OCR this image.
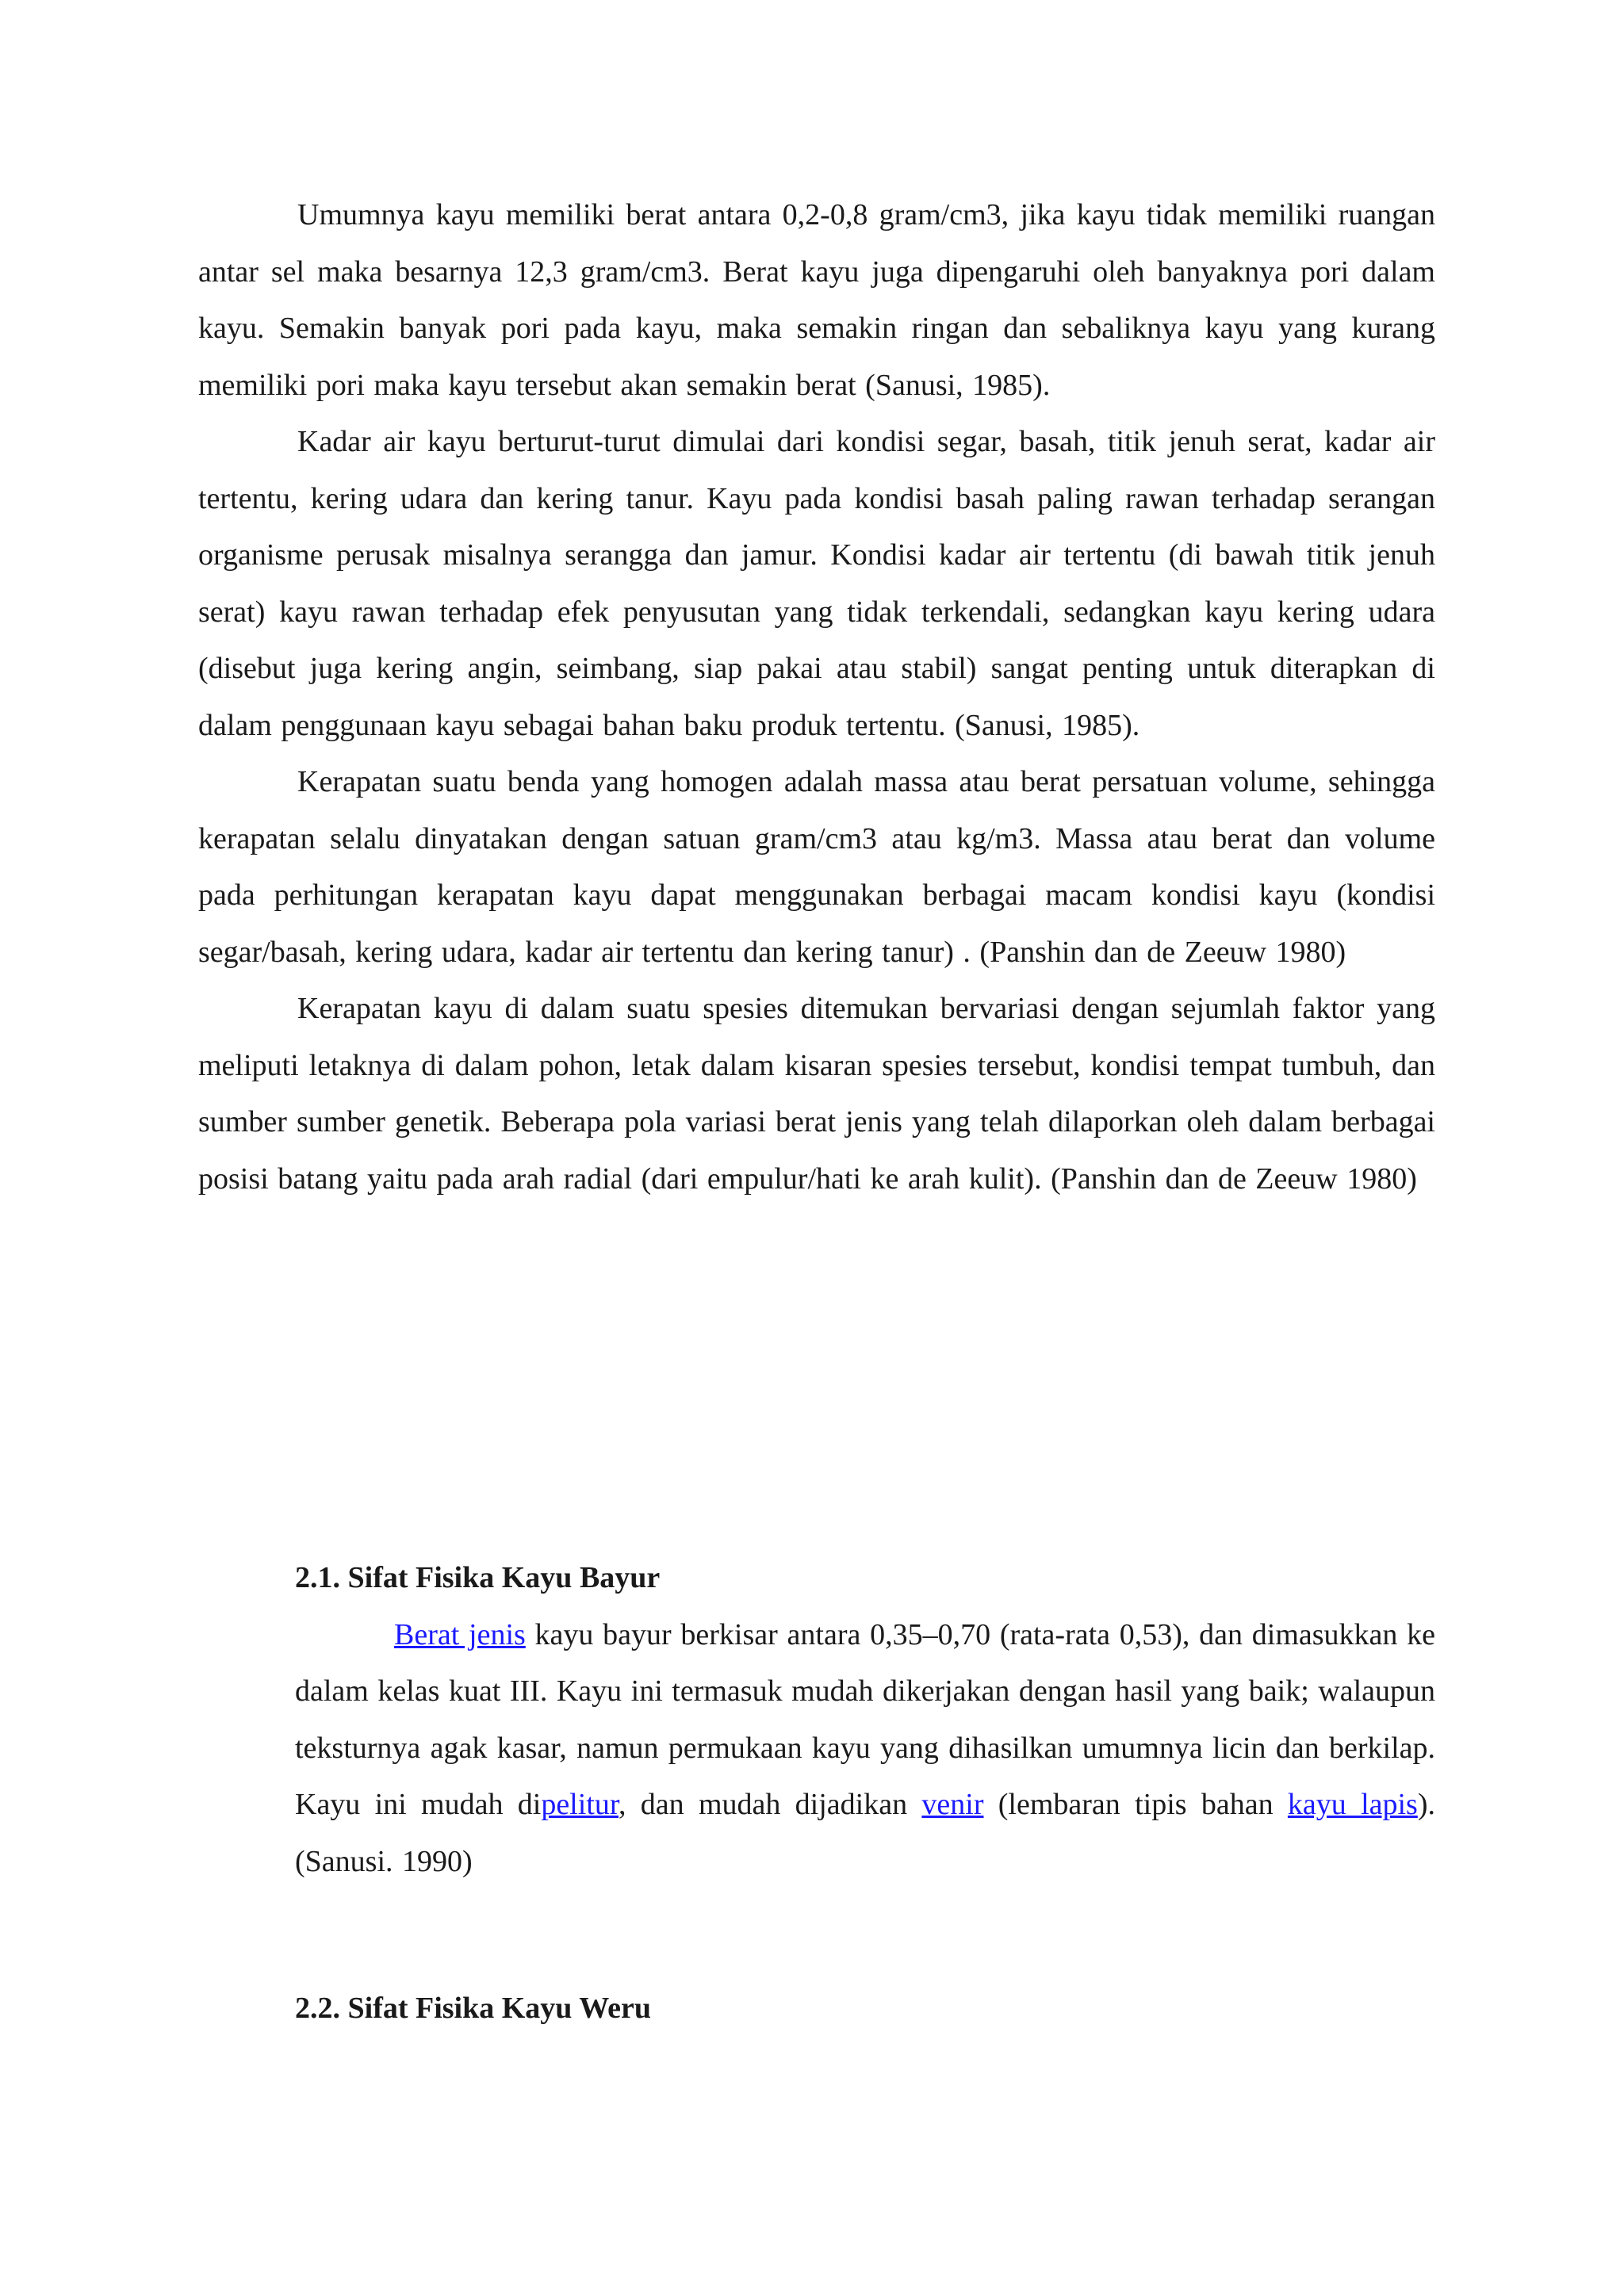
Umumnya kayu memiliki berat antara 0,2-0,8 gram/cm3, jika kayu tidak memiliki ruangan antar sel maka besarnya 12,3 gram/cm3. Berat kayu juga dipengaruhi oleh banyaknya pori dalam kayu. Semakin banyak pori pada kayu, maka semakin ringan dan sebaliknya kayu yang kurang memiliki pori maka kayu tersebut akan semakin berat (Sanusi, 1985).

Kadar air kayu berturut-turut dimulai dari kondisi segar, basah, titik jenuh serat, kadar air tertentu, kering udara dan kering tanur. Kayu pada kondisi basah paling rawan terhadap serangan organisme perusak misalnya serangga dan jamur. Kondisi kadar air tertentu (di bawah titik jenuh serat) kayu rawan terhadap efek penyusutan yang tidak terkendali, sedangkan kayu kering udara (disebut juga kering angin, seimbang, siap pakai atau stabil) sangat penting untuk diterapkan di dalam penggunaan kayu sebagai bahan baku produk tertentu. (Sanusi, 1985).

Kerapatan suatu benda yang homogen adalah massa atau berat persatuan volume, sehingga kerapatan selalu dinyatakan dengan satuan gram/cm3 atau kg/m3. Massa atau berat dan volume pada perhitungan kerapatan kayu dapat menggunakan berbagai macam kondisi kayu (kondisi segar/basah, kering udara, kadar air tertentu dan kering tanur) . (Panshin dan de Zeeuw 1980)

Kerapatan kayu di dalam suatu spesies ditemukan bervariasi dengan sejumlah faktor yang meliputi letaknya di dalam pohon, letak dalam kisaran spesies tersebut, kondisi tempat tumbuh, dan sumber sumber genetik. Beberapa pola variasi berat jenis yang telah dilaporkan oleh dalam berbagai posisi batang yaitu pada arah radial (dari empulur/hati ke arah kulit). (Panshin dan de Zeeuw 1980)

2.1. Sifat Fisika Kayu Bayur

Berat jenis kayu bayur berkisar antara 0,35–0,70 (rata-rata 0,53), dan dimasukkan ke dalam kelas kuat III. Kayu ini termasuk mudah dikerjakan dengan hasil yang baik; walaupun teksturnya agak kasar, namun permukaan kayu yang dihasilkan umumnya licin dan berkilap. Kayu ini mudah dipelitur, dan mudah dijadikan venir (lembaran tipis bahan kayu lapis). (Sanusi. 1990)

2.2. Sifat Fisika Kayu Weru
